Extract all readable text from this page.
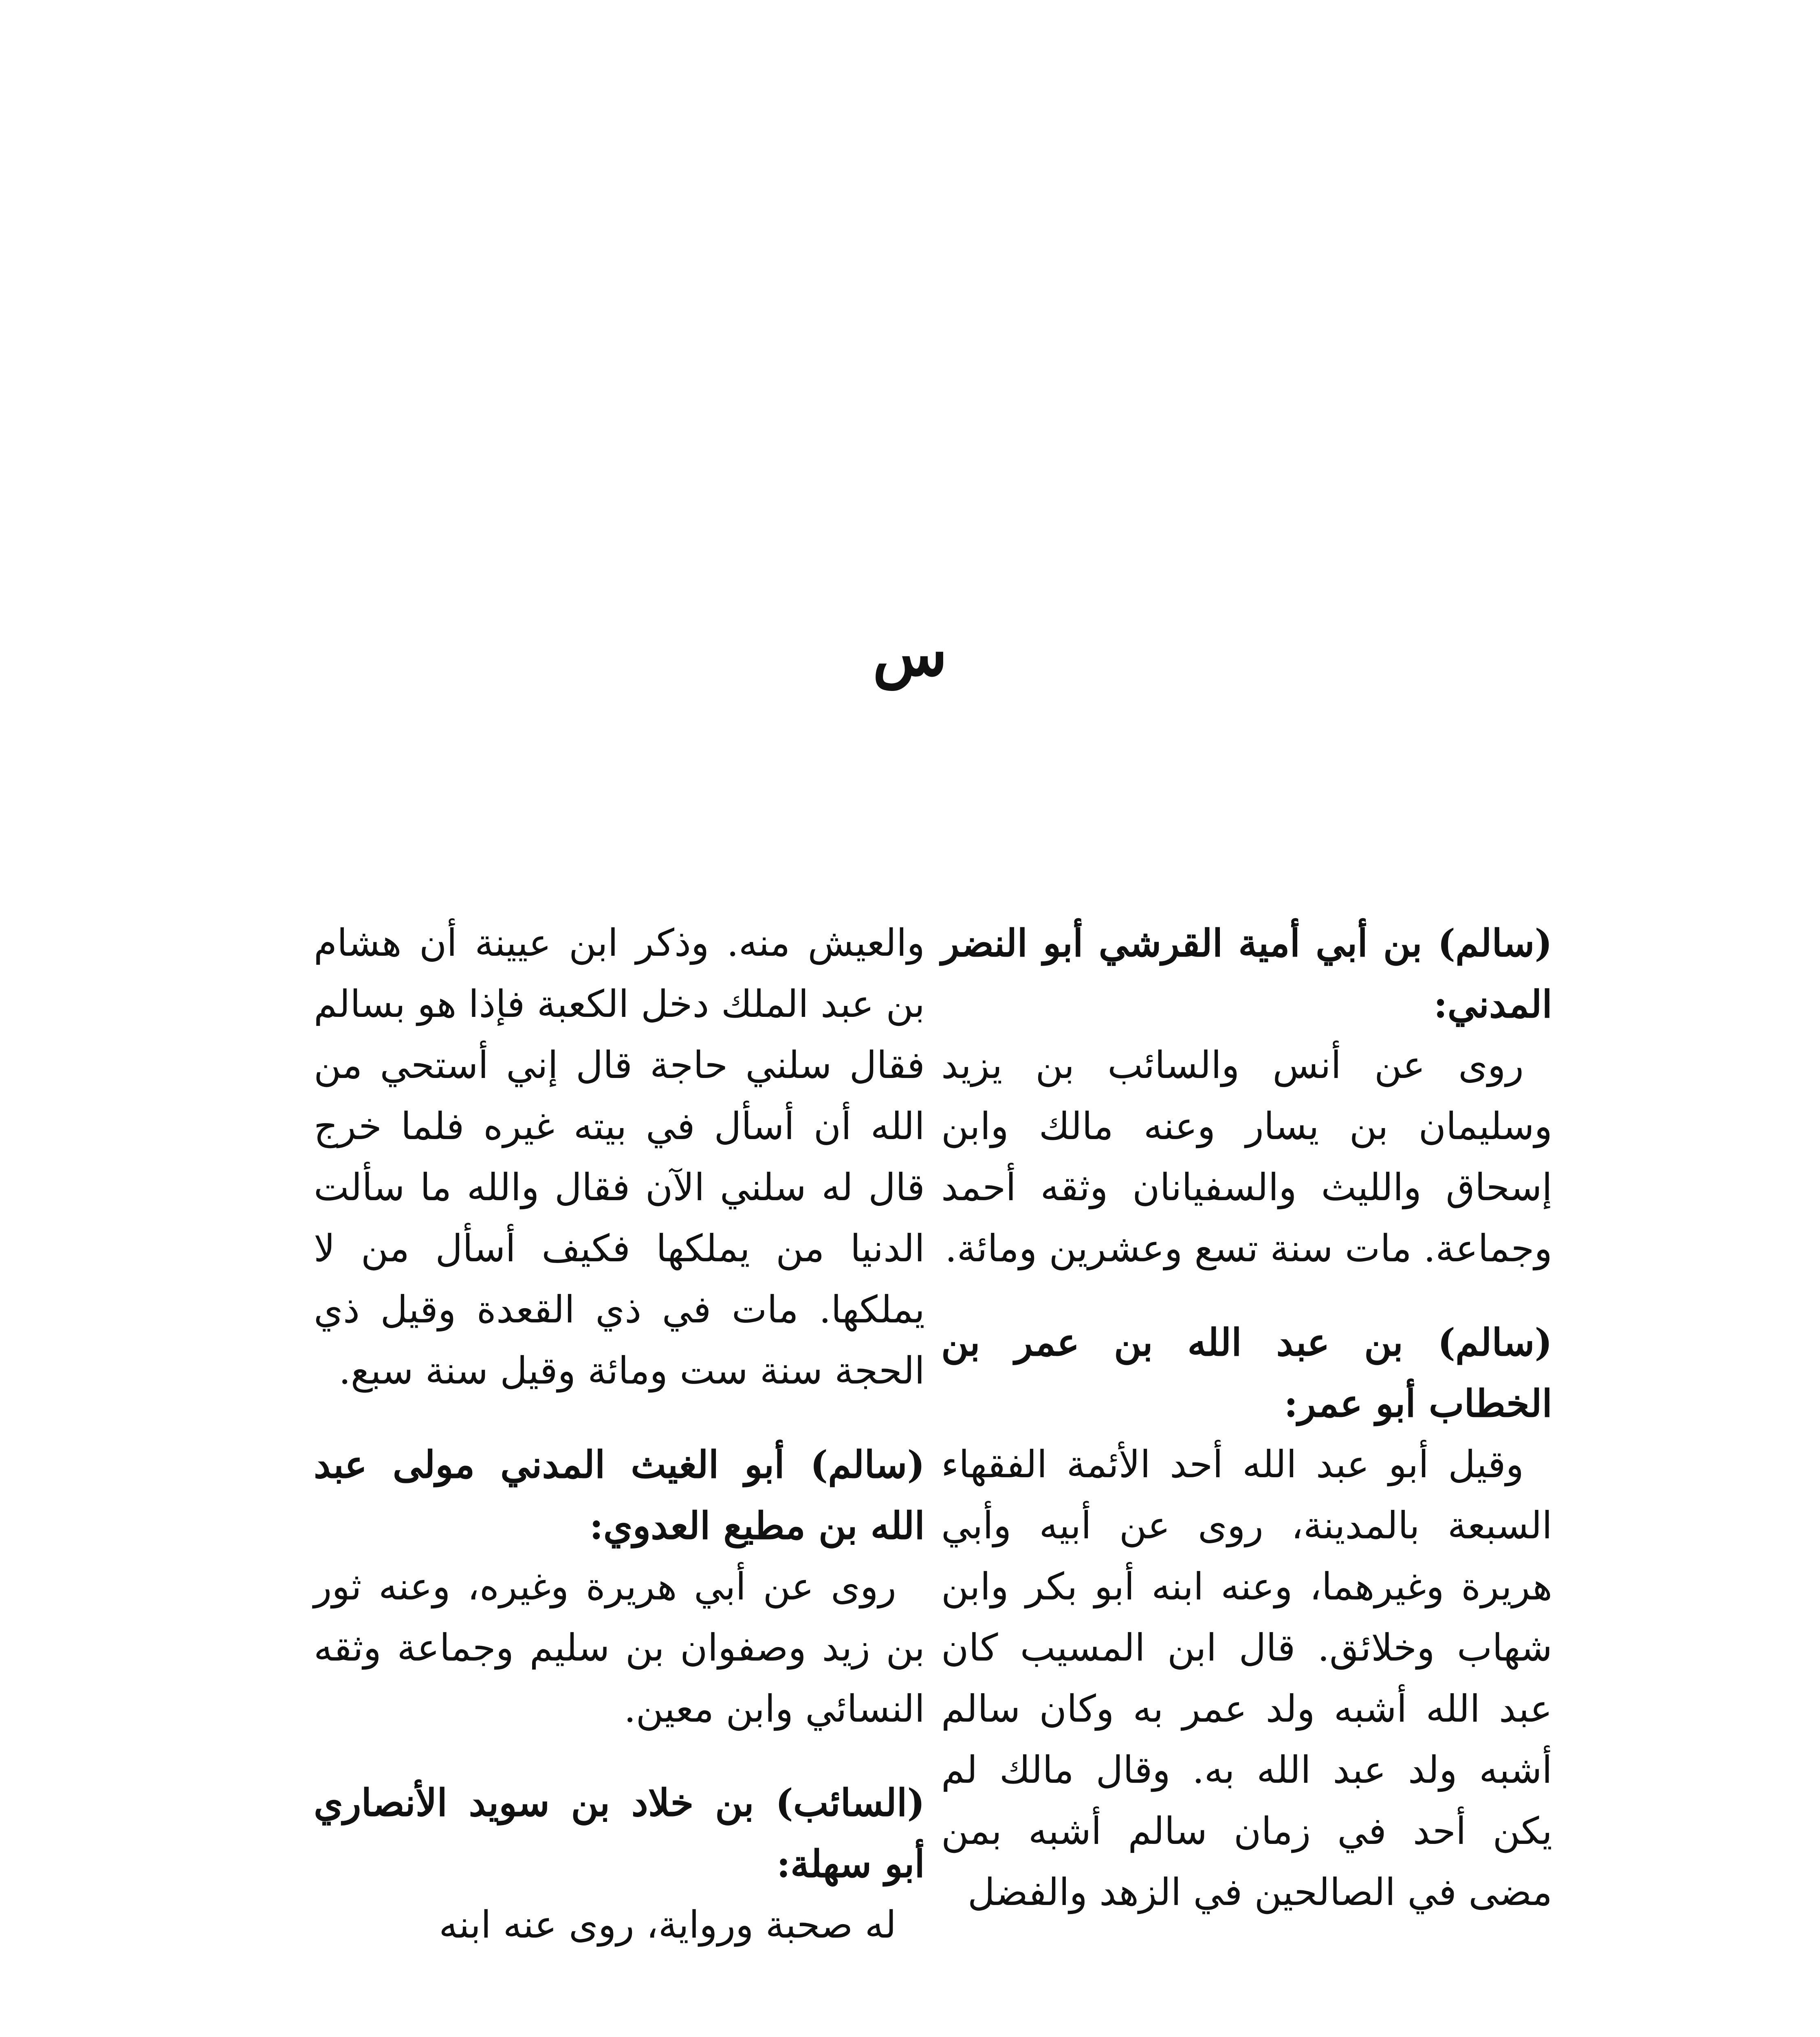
س

(سالم) بن أبي أمية القرشي أبو النضر المدني:

روى عن أنس والسائب بن يزيد وسليمان بن يسار وعنه مالك وابن إسحاق والليث والسفيانان وثقه أحمد وجماعة. مات سنة تسع وعشرين ومائة.

(سالم) بن عبد الله بن عمر بن الخطاب أبو عمر:

وقيل أبو عبد الله أحد الأئمة الفقهاء السبعة بالمدينة، روى عن أبيه وأبي هريرة وغيرهما، وعنه ابنه أبو بكر وابن شهاب وخلائق. قال ابن المسيب كان عبد الله أشبه ولد عمر به وكان سالم أشبه ولد عبد الله به. وقال مالك لم يكن أحد في زمان سالم أشبه بمن مضى في الصالحين في الزهد والفضل

والعيش منه. وذكر ابن عيينة أن هشام بن عبد الملك دخل الكعبة فإذا هو بسالم فقال سلني حاجة قال إني أستحي من الله أن أسأل في بيته غيره فلما خرج قال له سلني الآن فقال والله ما سألت الدنيا من يملكها فكيف أسأل من لا يملكها. مات في ذي القعدة وقيل ذي الحجة سنة ست ومائة وقيل سنة سبع.

(سالم) أبو الغيث المدني مولى عبد الله بن مطيع العدوي:

روى عن أبي هريرة وغيره، وعنه ثور بن زيد وصفوان بن سليم وجماعة وثقه النسائي وابن معين.

(السائب) بن خلاد بن سويد الأنصاري أبو سهلة:

له صحبة ورواية، روى عنه ابنه
